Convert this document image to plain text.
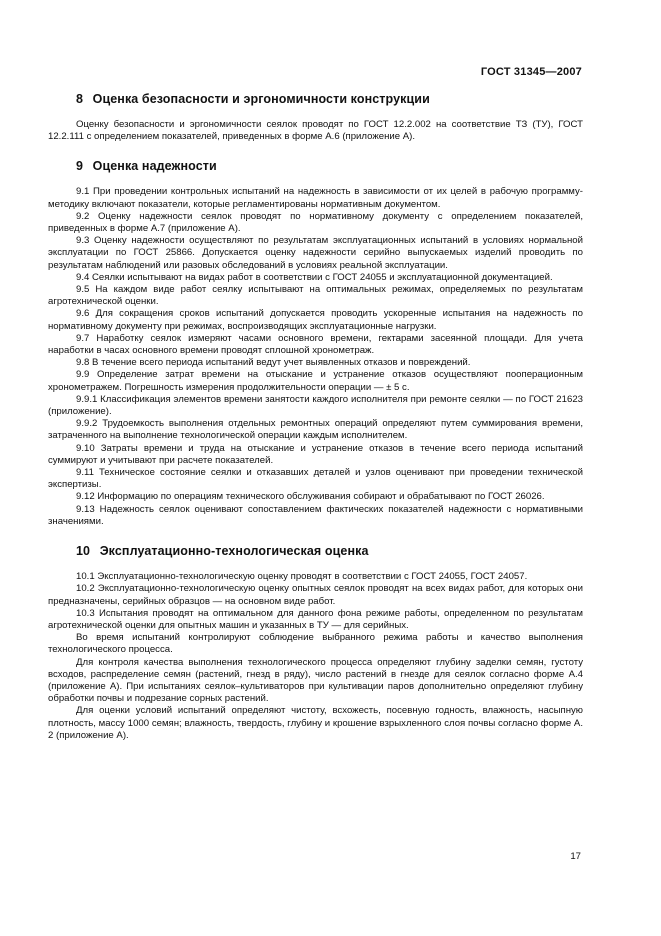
ГОСТ 31345—2007
8 Оценка безопасности и эргономичности конструкции

Оценку безопасности и эргономичности сеялок проводят по ГОСТ 12.2.002 на соответствие ТЗ (ТУ), ГОСТ 12.2.111 с определением показателей, приведенных в форме А.6 (приложение А).

9 Оценка надежности

9.1 При проведении контрольных испытаний на надежность в зависимости от их целей в рабочую программу-методику включают показатели, которые регламентированы нормативным документом.

9.2 Оценку надежности сеялок проводят по нормативному документу с определением показателей, приведенных в форме А.7 (приложение А).

9.3 Оценку надежности осуществляют по результатам эксплуатационных испытаний в условиях нормальной эксплуатации по ГОСТ 25866. Допускается оценку надежности серийно выпускаемых изделий проводить по результатам наблюдений или разовых обследований в условиях реальной эксплуатации.

9.4 Сеялки испытывают на видах работ в соответствии с ГОСТ 24055 и эксплуатационной документацией.

9.5 На каждом виде работ сеялку испытывают на оптимальных режимах, определяемых по результатам агротехнической оценки.

9.6 Для сокращения сроков испытаний допускается проводить ускоренные испытания на надежность по нормативному документу при режимах, воспроизводящих эксплуатационные нагрузки.

9.7 Наработку сеялок измеряют часами основного времени, гектарами засеянной площади. Для учета наработки в часах основного времени проводят сплошной хронометраж.

9.8 В течение всего периода испытаний ведут учет выявленных отказов и повреждений.

9.9 Определение затрат времени на отыскание и устранение отказов осуществляют пооперационным хронометражем. Погрешность измерения продолжительности операции — ± 5 с.

9.9.1 Классификация элементов времени занятости каждого исполнителя при ремонте сеялки — по ГОСТ 21623 (приложение).

9.9.2 Трудоемкость выполнения отдельных ремонтных операций определяют путем суммирования времени, затраченного на выполнение технологической операции каждым исполнителем.

9.10 Затраты времени и труда на отыскание и устранение отказов в течение всего периода испытаний суммируют и учитывают при расчете показателей.

9.11 Техническое состояние сеялки и отказавших деталей и узлов оценивают при проведении технической экспертизы.

9.12 Информацию по операциям технического обслуживания собирают и обрабатывают по ГОСТ 26026.

9.13 Надежность сеялок оценивают сопоставлением фактических показателей надежности с нормативными значениями.

10 Эксплуатационно-технологическая оценка

10.1 Эксплуатационно-технологическую оценку проводят в соответствии с ГОСТ 24055, ГОСТ 24057.

10.2 Эксплуатационно-технологическую оценку опытных сеялок проводят на всех видах работ, для которых они предназначены, серийных образцов — на основном виде работ.

10.3 Испытания проводят на оптимальном для данного фона режиме работы, определенном по результатам агротехнической оценки для опытных машин и указанных в ТУ — для серийных.

Во время испытаний контролируют соблюдение выбранного режима работы и качество выполнения технологического процесса.

Для контроля качества выполнения технологического процесса определяют глубину заделки семян, густоту всходов, распределение семян (растений, гнезд в ряду), число растений в гнезде для сеялок согласно форме А.4 (приложение А). При испытаниях сеялок–культиваторов при культивации паров дополнительно определяют глубину обработки почвы и подрезание сорных растений.

Для оценки условий испытаний определяют чистоту, всхожесть, посевную годность, влажность, насыпную плотность, массу 1000 семян; влажность, твердость, глубину и крошение взрыхленного слоя почвы согласно форме А. 2 (приложение А).

17
